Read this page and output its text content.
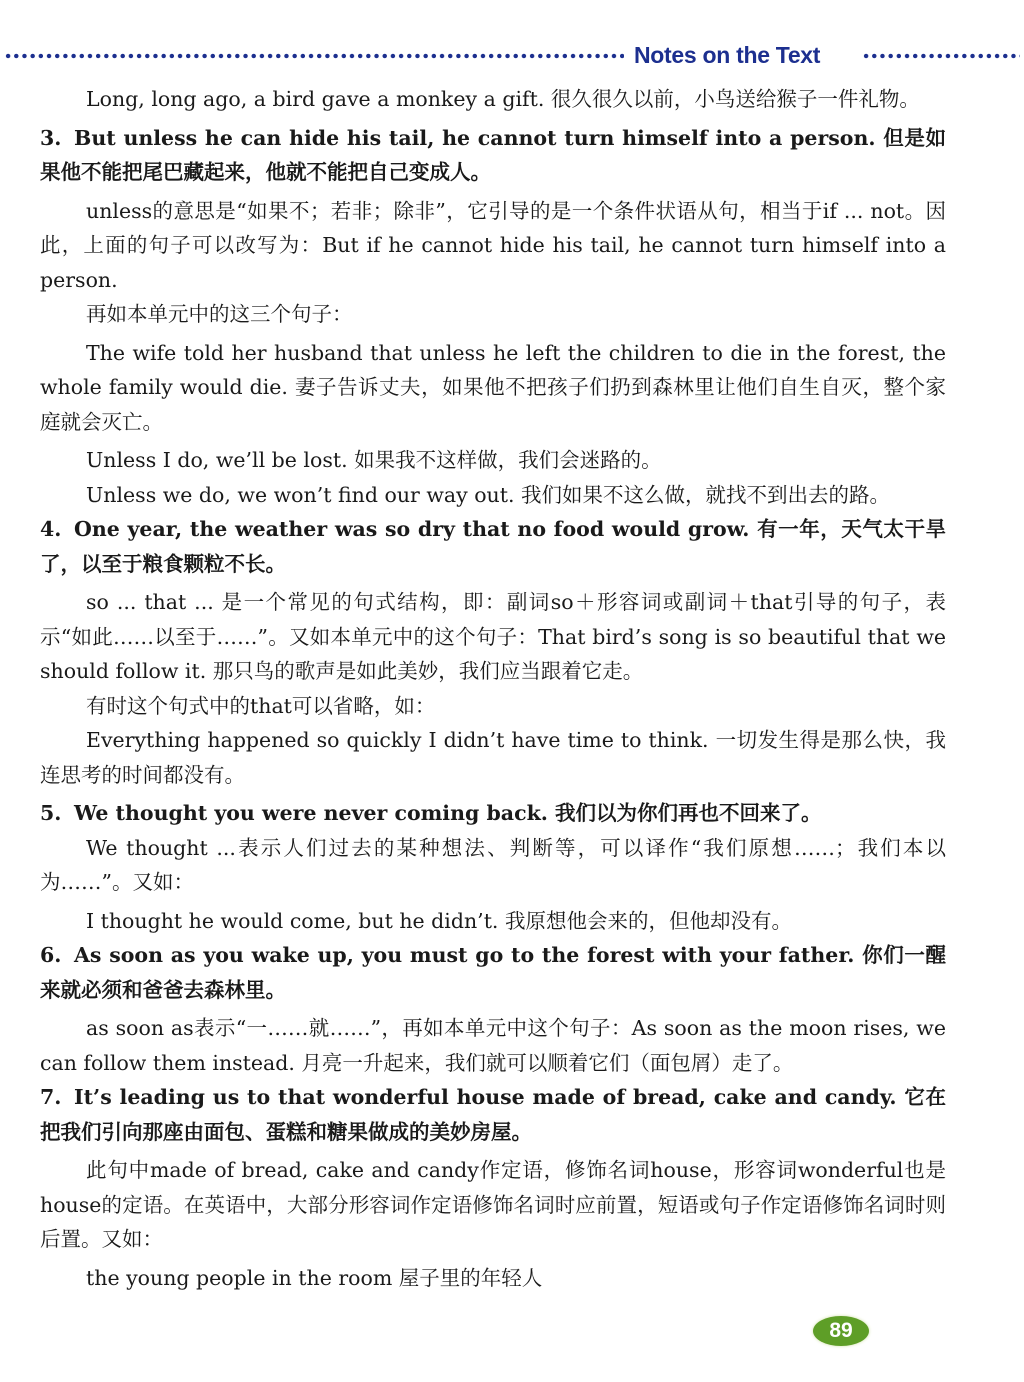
Notes on the Text

Long, long ago, a bird gave a monkey a gift. 很久很久以前，小鸟送给猴子一件礼物。

3. But unless he can hide his tail, he cannot turn himself into a person. 但是如果他不能把尾巴藏起来，他就不能把自己变成人。

unless的意思是“如果不；若非；除非”，它引导的是一个条件状语从句，相当于if ... not。因此，上面的句子可以改写为：But if he cannot hide his tail, he cannot turn himself into a person.

再如本单元中的这三个句子：

The wife told her husband that unless he left the children to die in the forest, the whole family would die. 妻子告诉丈夫，如果他不把孩子们扔到森林里让他们自生自灭，整个家庭就会灭亡。

Unless I do, we’ll be lost. 如果我不这样做，我们会迷路的。

Unless we do, we won’t find our way out. 我们如果不这么做，就找不到出去的路。

4. One year, the weather was so dry that no food would grow. 有一年，天气太干旱了，以至于粮食颗粒不长。

so ... that ... 是一个常见的句式结构，即：副词so＋形容词或副词＋that引导的句子，表示“如此……以至于……”。又如本单元中的这个句子：That bird’s song is so beautiful that we should follow it. 那只鸟的歌声是如此美妙，我们应当跟着它走。

有时这个句式中的that可以省略，如：

Everything happened so quickly I didn’t have time to think. 一切发生得是那么快，我连思考的时间都没有。

5. We thought you were never coming back. 我们以为你们再也不回来了。

We thought ...表示人们过去的某种想法、判断等，可以译作“我们原想……；我们本以为……”。又如：

I thought he would come, but he didn’t. 我原想他会来的，但他却没有。

6. As soon as you wake up, you must go to the forest with your father. 你们一醒来就必须和爸爸去森林里。

as soon as表示“一……就……”，再如本单元中这个句子：As soon as the moon rises, we can follow them instead. 月亮一升起来，我们就可以顺着它们（面包屑）走了。

7. It’s leading us to that wonderful house made of bread, cake and candy. 它在把我们引向那座由面包、蛋糕和糖果做成的美妙房屋。

此句中made of bread, cake and candy作定语，修饰名词house，形容词wonderful也是house的定语。在英语中，大部分形容词作定语修饰名词时应前置，短语或句子作定语修饰名词时则后置。又如：

the young people in the room 屋子里的年轻人

89
